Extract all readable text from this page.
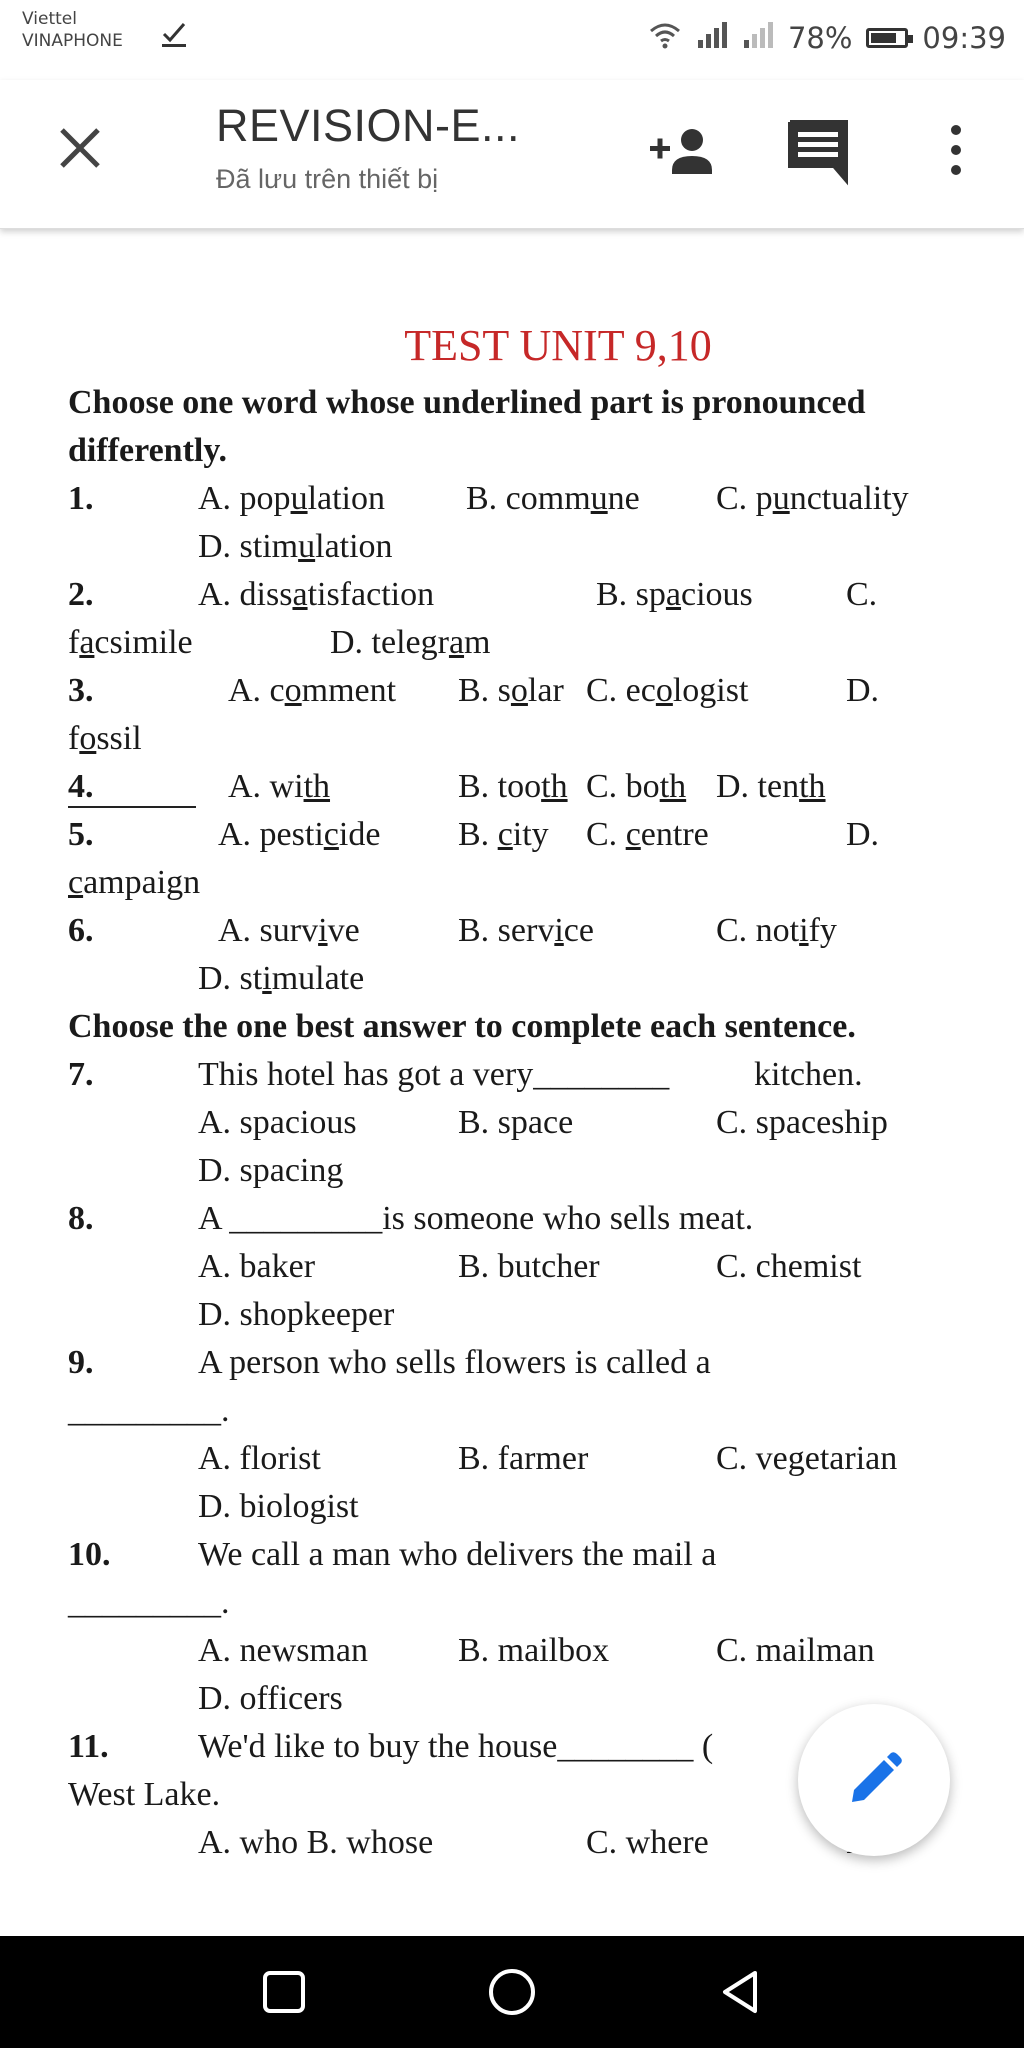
Viettel
VINAPHONE	78% 09:39
REVISION-E...
Đã lưu trên thiết bị
TEST UNIT 9,10
Choose one word whose underlined part is pronounced
differently.
1.	A. population B. commune C. punctuality
D. stimulation
2.	A. dissatisfaction	B. spacious	C.
facsimile	D. telegram
3.	A. comment B. solar C. ecologist	D.
fossil
4.	A. with	B. tooth C. both D. tenth
5.	A. pesticide B. city C. centre	D.
campaign
6.	A. survive	B. service	C. notify
D. stimulate
Choose the one best answer to complete each sentence.
7.	This hotel has got a very________ kitchen.
A. spacious	B. space	C. spaceship
D. spacing
8.	A _________is someone who sells meat.
A. baker	B. butcher	C. chemist
D. shopkeeper
9.	A person who sells flowers is called a
_________.
A. florist	B. farmer	C. vegetarian
D. biologist
10.	We call a man who delivers the mail a
_________.
A. newsman	B. mailbox	C. mailman
D. officers
11.	We'd like to buy the house________ (
West Lake.
A. who B. whose	C. where
